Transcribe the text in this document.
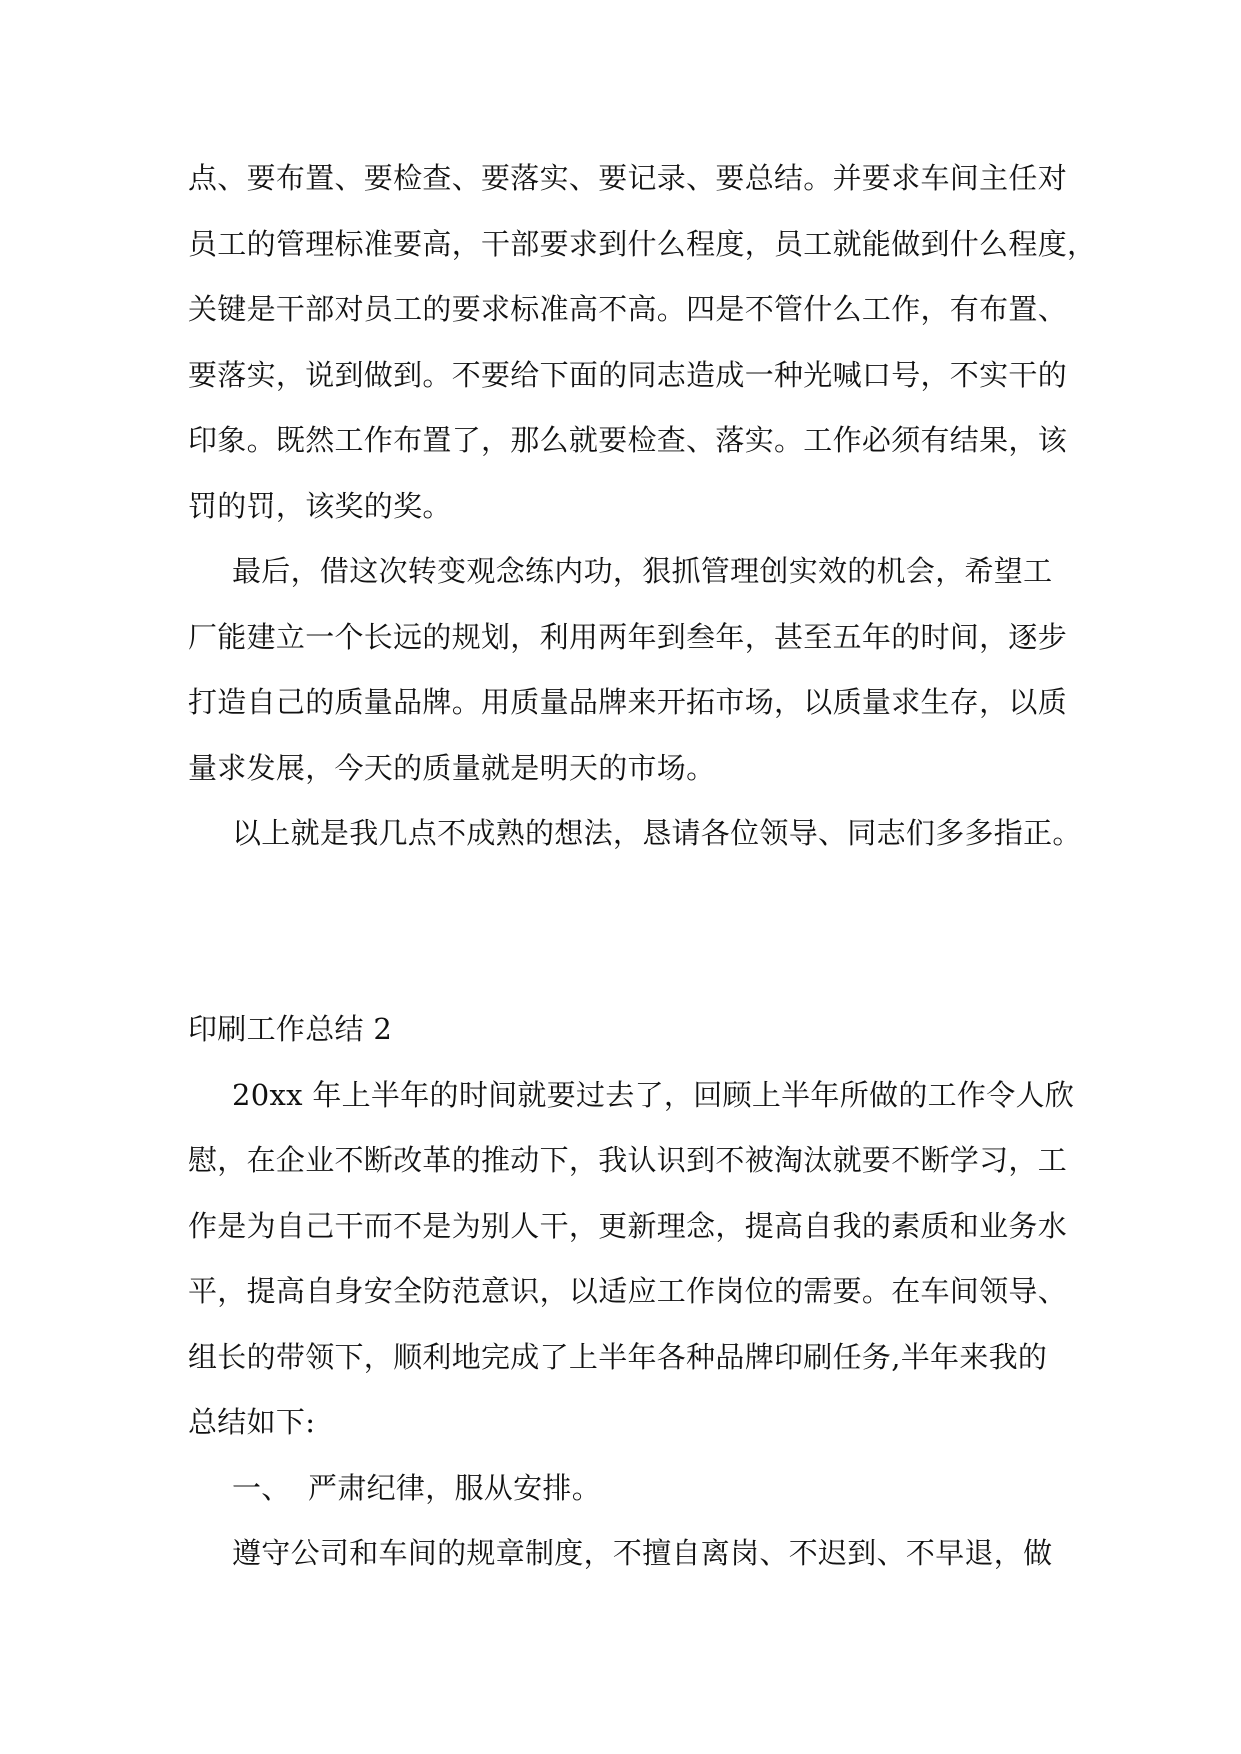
点、要布置、要检查、要落实、要记录、要总结。并要求车间主任对
员工的管理标准要高，干部要求到什么程度，员工就能做到什么程度，
关键是干部对员工的要求标准高不高。四是不管什么工作，有布置、
要落实，说到做到。不要给下面的同志造成一种光喊口号，不实干的
印象。既然工作布置了，那么就要检查、落实。工作必须有结果，该
罚的罚，该奖的奖。
最后，借这次转变观念练内功，狠抓管理创实效的机会，希望工
厂能建立一个长远的规划，利用两年到叁年，甚至五年的时间，逐步
打造自己的质量品牌。用质量品牌来开拓市场，以质量求生存，以质
量求发展，今天的质量就是明天的市场。
以上就是我几点不成熟的想法，恳请各位领导、同志们多多指正。
印刷工作总结 2
20xx 年上半年的时间就要过去了，回顾上半年所做的工作令人欣
慰，在企业不断改革的推动下，我认识到不被淘汰就要不断学习，工
作是为自己干而不是为别人干，更新理念，提高自我的素质和业务水
平，提高自身安全防范意识，以适应工作岗位的需要。在车间领导、
组长的带领下，顺利地完成了上半年各种品牌印刷任务,半年来我的
总结如下:
一、 严肃纪律，服从安排。
遵守公司和车间的规章制度，不擅自离岗、不迟到、不早退，做
